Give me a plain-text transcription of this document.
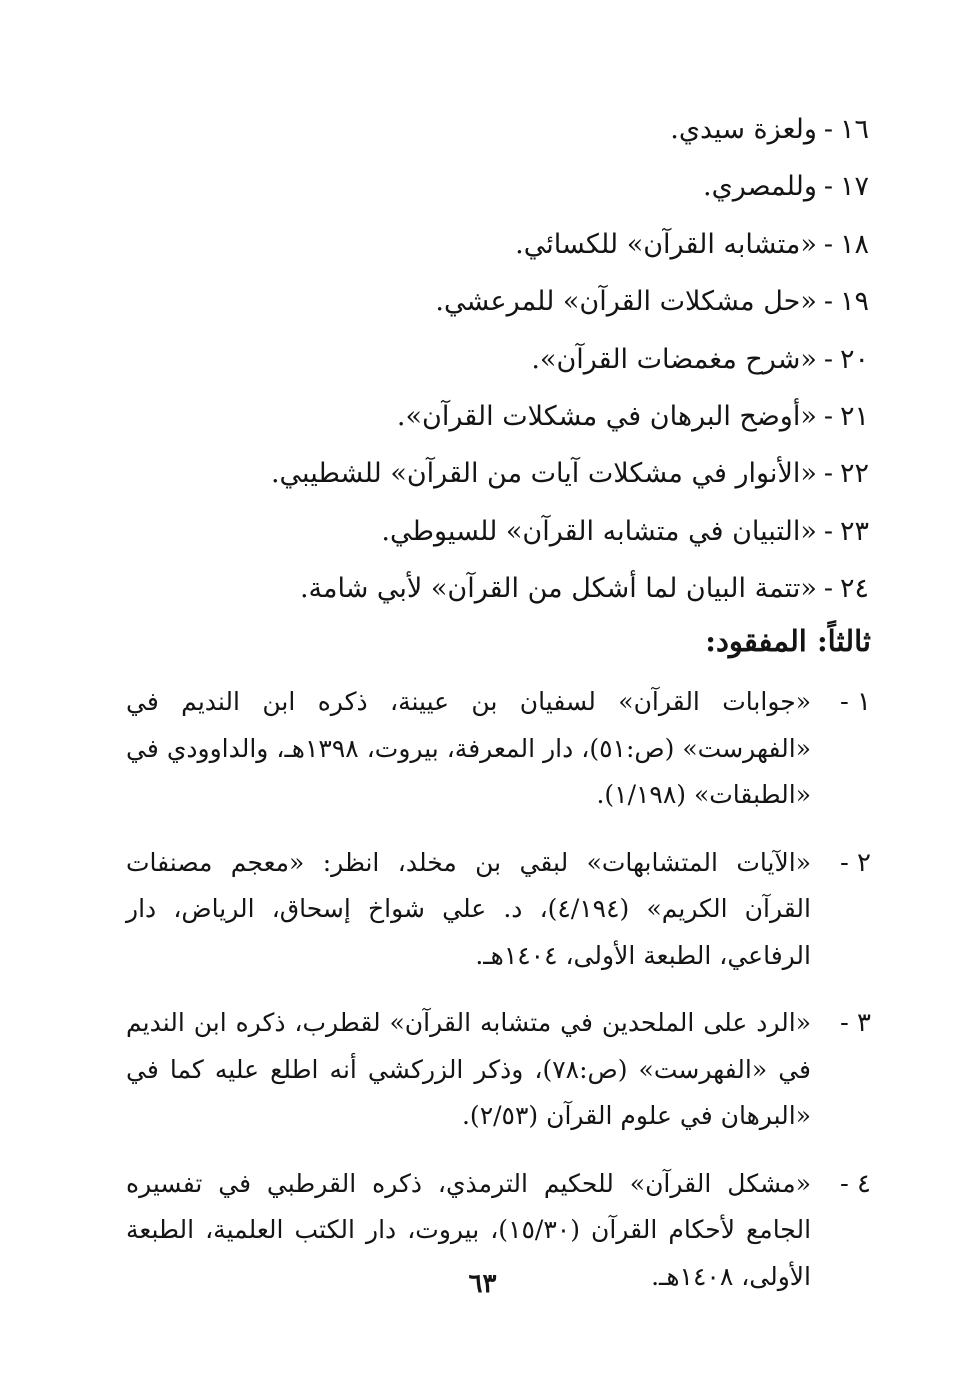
١٦
-
ولعزة سيدي.
١٧
-
وللمصري.
١٨
-
«متشابه القرآن» للكسائي.
١٩
-
«حل مشكلات القرآن» للمرعشي.
٢٠
-
«شرح مغمضات القرآن».
٢١
-
«أوضح البرهان في مشكلات القرآن».
٢٢
-
«الأنوار في مشكلات آيات من القرآن» للشطيبي.
٢٣
-
«التبيان في متشابه القرآن» للسيوطي.
٢٤
-
«تتمة البيان لما أشكل من القرآن» لأبي شامة.
ثالثاً: المفقود:
١ -

«جوابات القرآن» لسفيان بن عيينة، ذكره ابن النديم في «الفهرست» (ص:٥١)، دار المعرفة، بيروت، ١٣٩٨هـ، والداوودي في «الطبقات» (١/١٩٨).

٢ -

«الآيات المتشابهات» لبقي بن مخلد، انظر: «معجم مصنفات القرآن الكريم» (٤/١٩٤)، د. علي شواخ إسحاق، الرياض، دار الرفاعي، الطبعة الأولى، ١٤٠٤هـ.

٣ -

«الرد على الملحدين في متشابه القرآن» لقطرب، ذكره ابن النديم في «الفهرست» (ص:٧٨)، وذكر الزركشي أنه اطلع عليه كما في «البرهان في علوم القرآن (٢/٥٣).

٤ -

«مشكل القرآن» للحكيم الترمذي، ذكره القرطبي في تفسيره الجامع لأحكام القرآن (١٥/٣٠)، بيروت، دار الكتب العلمية، الطبعة الأولى، ١٤٠٨هـ.

٦٣
